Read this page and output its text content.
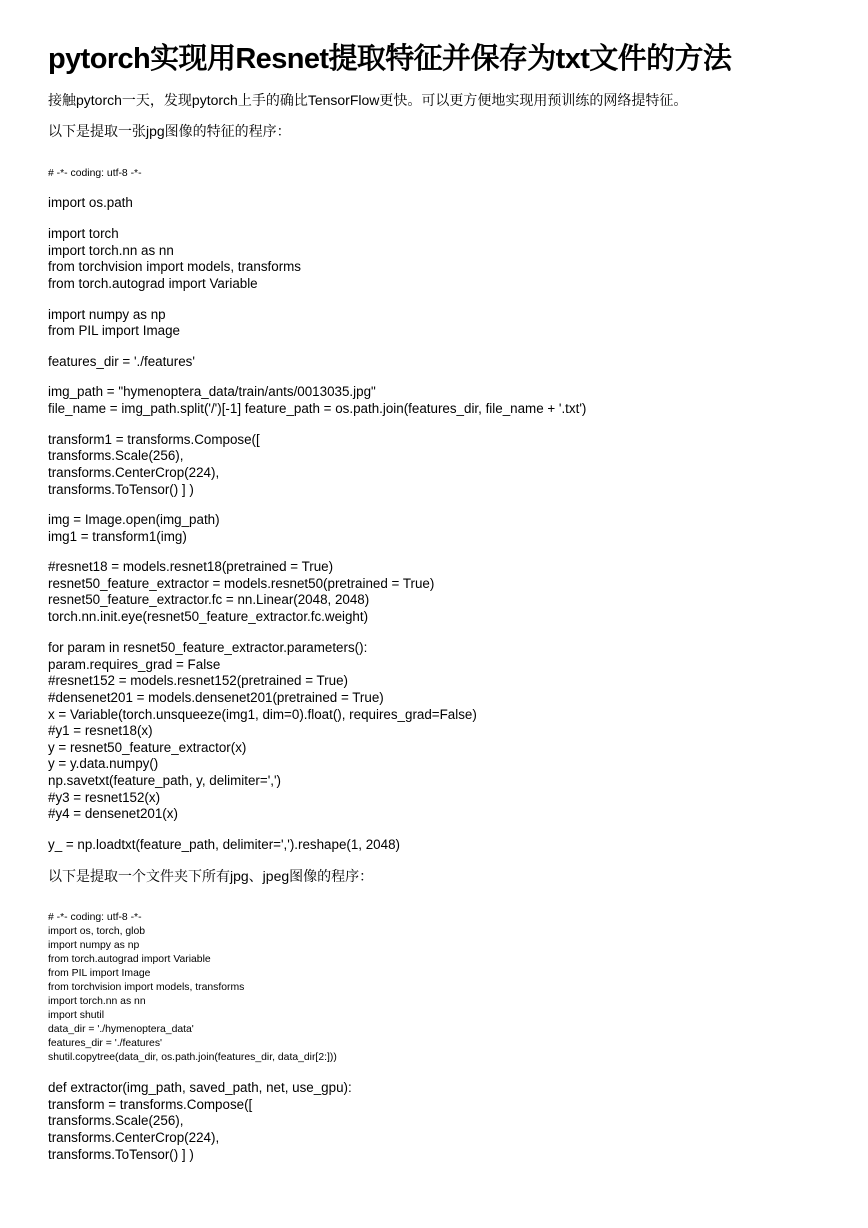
pytorch实现用Resnet提取特征并保存为txt文件的方法

接触pytorch一天，发现pytorch上手的确比TensorFlow更快。可以更方便地实现用预训练的网络提特征。

以下是提取一张jpg图像的特征的程序：

# -*- coding: utf-8 -*-
import os.path
import torch
import torch.nn as nn
from torchvision import models, transforms
from torch.autograd import Variable
import numpy as np
from PIL import Image
features_dir = './features'
img_path = "hymenoptera_data/train/ants/0013035.jpg"
file_name = img_path.split('/')[-1] feature_path = os.path.join(features_dir, file_name + '.txt')
transform1 = transforms.Compose([
transforms.Scale(256),
transforms.CenterCrop(224),
transforms.ToTensor() ] )
img = Image.open(img_path)
img1 = transform1(img)
#resnet18 = models.resnet18(pretrained = True)
resnet50_feature_extractor = models.resnet50(pretrained = True)
resnet50_feature_extractor.fc = nn.Linear(2048, 2048)
torch.nn.init.eye(resnet50_feature_extractor.fc.weight)
for param in resnet50_feature_extractor.parameters():
param.requires_grad = False
#resnet152 = models.resnet152(pretrained = True)
#densenet201 = models.densenet201(pretrained = True)
x = Variable(torch.unsqueeze(img1, dim=0).float(), requires_grad=False)
#y1 = resnet18(x)
y = resnet50_feature_extractor(x)
y = y.data.numpy()
np.savetxt(feature_path, y, delimiter=',')
#y3 = resnet152(x)
#y4 = densenet201(x)
y_ = np.loadtxt(feature_path, delimiter=',').reshape(1, 2048)

以下是提取一个文件夹下所有jpg、jpeg图像的程序：

# -*- coding: utf-8 -*-
import os, torch, glob
import numpy as np
from torch.autograd import Variable
from PIL import Image
from torchvision import models, transforms
import torch.nn as nn
import shutil
data_dir = './hymenoptera_data'
features_dir = './features'
shutil.copytree(data_dir, os.path.join(features_dir, data_dir[2:]))
def extractor(img_path, saved_path, net, use_gpu):
transform = transforms.Compose([
transforms.Scale(256),
transforms.CenterCrop(224),
transforms.ToTensor() ] )
